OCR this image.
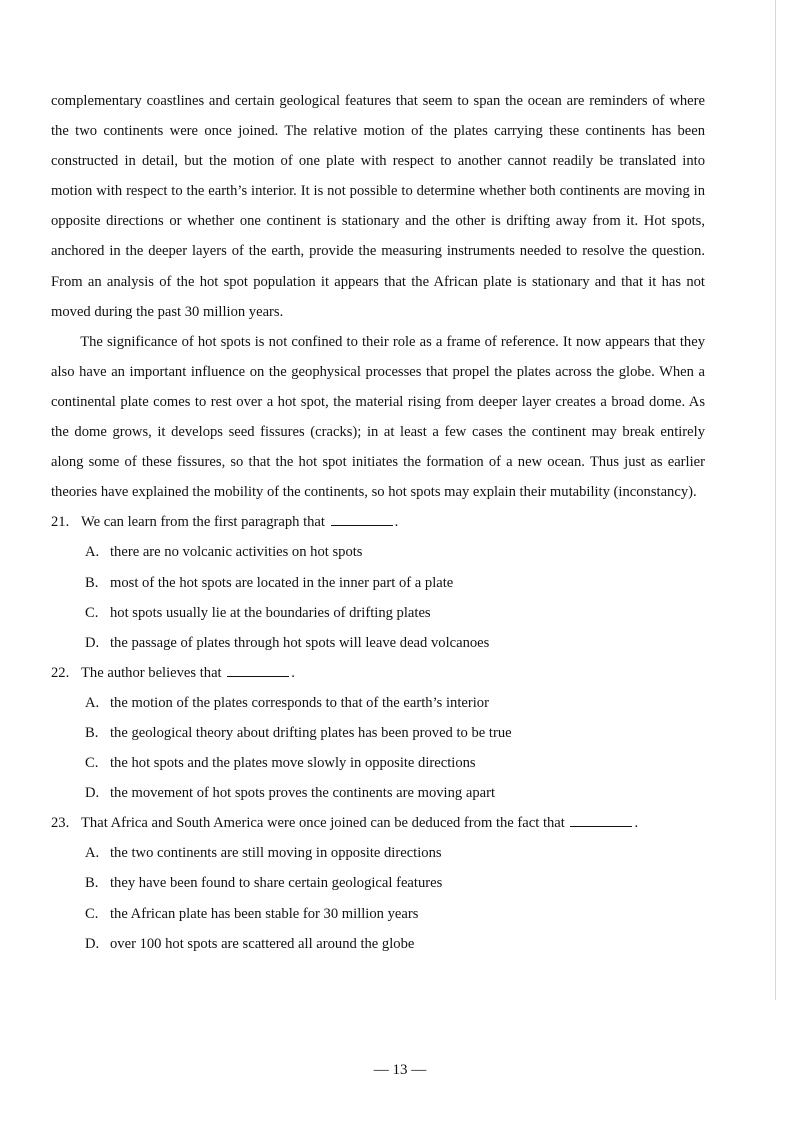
complementary coastlines and certain geological features that seem to span the ocean are reminders of where the two continents were once joined. The relative motion of the plates carrying these continents has been constructed in detail, but the motion of one plate with respect to another cannot readily be translated into motion with respect to the earth’s interior. It is not possible to determine whether both continents are moving in opposite directions or whether one continent is stationary and the other is drifting away from it. Hot spots, anchored in the deeper layers of the earth, provide the measuring instruments needed to resolve the question. From an analysis of the hot spot population it appears that the African plate is stationary and that it has not moved during the past 30 million years.

The significance of hot spots is not confined to their role as a frame of reference. It now appears that they also have an important influence on the geophysical processes that propel the plates across the globe. When a continental plate comes to rest over a hot spot, the material rising from deeper layer creates a broad dome. As the dome grows, it develops seed fissures (cracks); in at least a few cases the continent may break entirely along some of these fissures, so that the hot spot initiates the formation of a new ocean. Thus just as earlier theories have explained the mobility of the continents, so hot spots may explain their mutability (inconstancy).

21. We can learn from the first paragraph that	.

A. there are no volcanic activities on hot spots

B. most of the hot spots are located in the inner part of a plate

C. hot spots usually lie at the boundaries of drifting plates

D. the passage of plates through hot spots will leave dead volcanoes

22. The author believes that	.

A. the motion of the plates corresponds to that of the earth’s interior

B. the geological theory about drifting plates has been proved to be true

C. the hot spots and the plates move slowly in opposite directions

D. the movement of hot spots proves the continents are moving apart

23. That Africa and South America were once joined can be deduced from the fact that	.

A. the two continents are still moving in opposite directions

B. they have been found to share certain geological features

C. the African plate has been stable for 30 million years

D. over 100 hot spots are scattered all around the globe

— 13 —
